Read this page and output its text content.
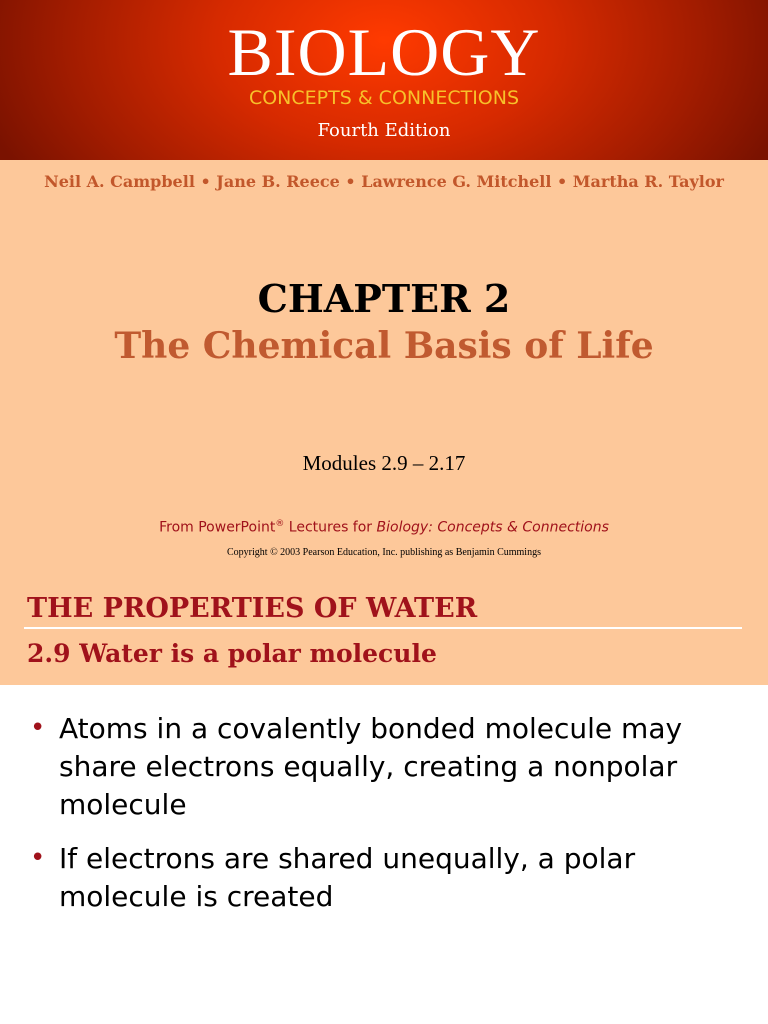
BIOLOGY
CONCEPTS & CONNECTIONS
Fourth Edition
Neil A. Campbell • Jane B. Reece • Lawrence G. Mitchell • Martha R. Taylor
CHAPTER 2
The Chemical Basis of Life
Modules 2.9 – 2.17
From PowerPoint® Lectures for Biology: Concepts & Connections
Copyright © 2003 Pearson Education, Inc. publishing as Benjamin Cummings
THE PROPERTIES OF WATER
2.9 Water is a polar molecule
• Atoms in a covalently bonded molecule may share electrons equally, creating a nonpolar molecule
• If electrons are shared unequally, a polar molecule is created
